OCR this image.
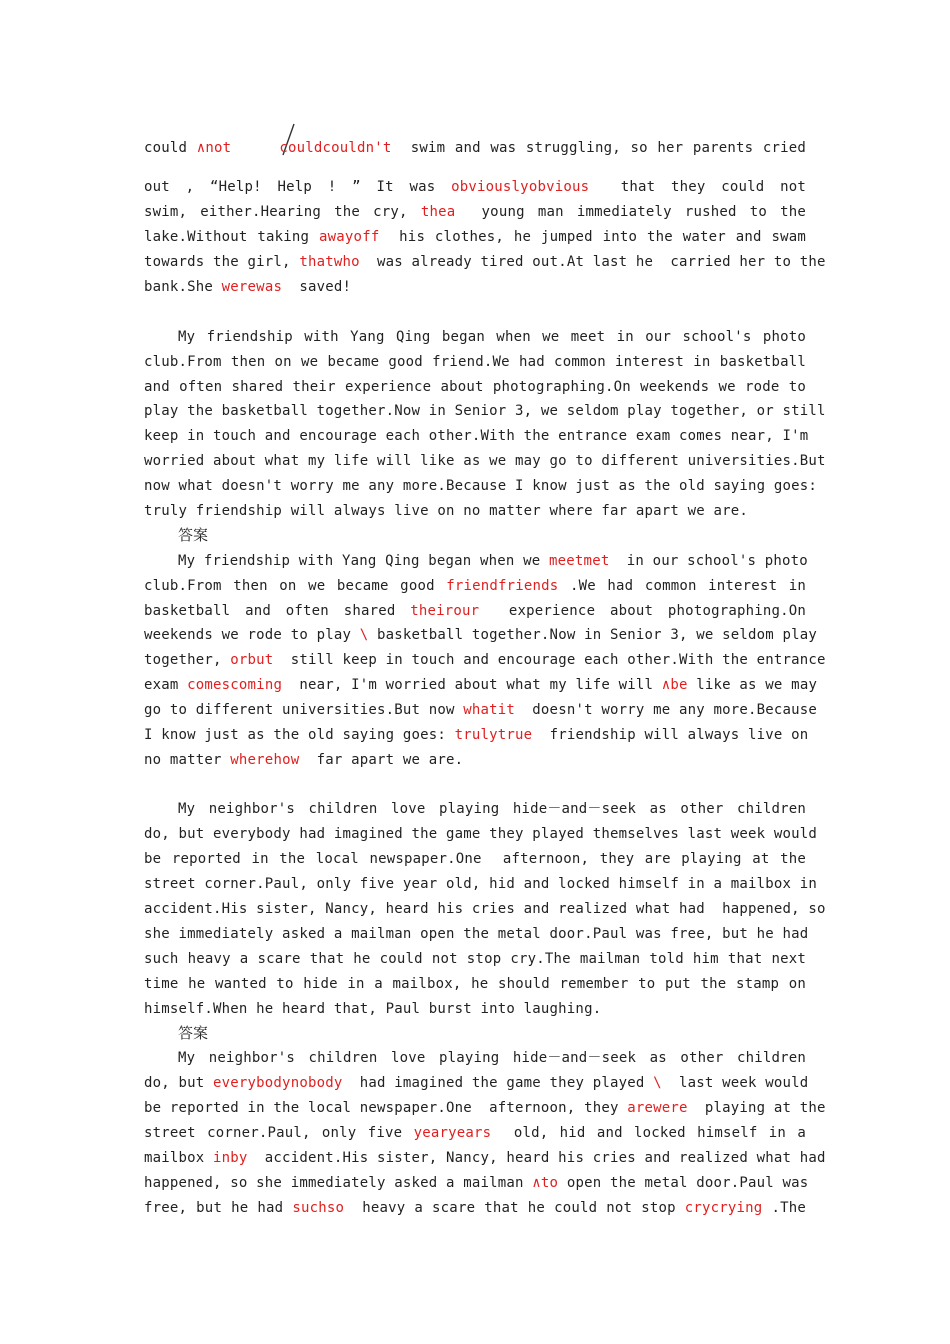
could ∧not	couldcouldn't  swim and was struggling, so her parents cried
out , “Help! Help ! ” It was obviouslyobvious  that they could not
swim, either.Hearing the cry, thea  young man immediately rushed to the
lake.Without taking awayoff  his clothes, he jumped into the water and swam
towards the girl, thatwho  was already tired out.At last he  carried her to the
bank.She werewas  saved!
My friendship with Yang Qing began when we meet in our school's photo
club.From then on we became good friend.We had common interest in basketball
and often shared their experience about photographing.On weekends we rode to
play the basketball together.Now in Senior 3, we seldom play together, or still
keep in touch and encourage each other.With the entrance exam comes near, I'm
worried about what my life will like as we may go to different universities.But
now what doesn't worry me any more.Because I know just as the old saying goes:
truly friendship will always live on no matter where far apart we are.
答案
My friendship with Yang Qing began when we meetmet  in our school's photo
club.From then on we became good friendfriends .We had common interest in
basketball and often shared theirour  experience about photographing.On
weekends we rode to play \ basketball together.Now in Senior 3, we seldom play
together, orbut  still keep in touch and encourage each other.With the entrance
exam comescoming  near, I'm worried about what my life will ∧be like as we may
go to different universities.But now whatit  doesn't worry me any more.Because
I know just as the old saying goes: trulytrue  friendship will always live on
no matter wherehow  far apart we are.
My neighbor's children love playing hide－and－seek as other children
do, but everybody had imagined the game they played themselves last week would
be reported in the local newspaper.One  afternoon, they are playing at the
street corner.Paul, only five year old, hid and locked himself in a mailbox in
accident.His sister, Nancy, heard his cries and realized what had  happened, so
she immediately asked a mailman open the metal door.Paul was free, but he had
such heavy a scare that he could not stop cry.The mailman told him that next
time he wanted to hide in a mailbox, he should remember to put the stamp on
himself.When he heard that, Paul burst into laughing.
答案
My neighbor's children love playing hide－and－seek as other children
do, but everybodynobody  had imagined the game they played \  last week would
be reported in the local newspaper.One  afternoon, they arewere  playing at the
street corner.Paul, only five yearyears  old, hid and locked himself in a
mailbox inby  accident.His sister, Nancy, heard his cries and realized what had
happened, so she immediately asked a mailman ∧to open the metal door.Paul was
free, but he had suchso  heavy a scare that he could not stop crycrying .The
